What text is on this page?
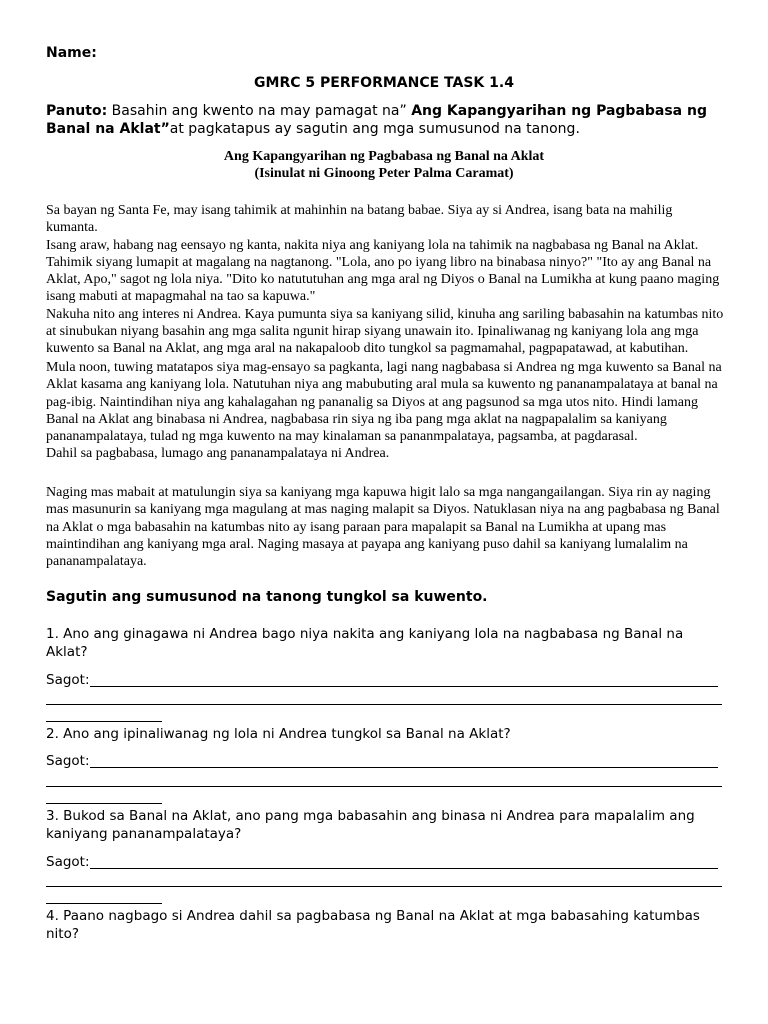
Name:
GMRC 5 PERFORMANCE TASK 1.4
Panuto: Basahin ang kwento na may pamagat na” Ang Kapangyarihan ng Pagbabasa ng Banal na Aklat”at pagkatapus ay sagutin ang mga sumusunod na tanong.
Ang Kapangyarihan ng Pagbabasa ng Banal na Aklat
(Isinulat ni Ginoong Peter Palma Caramat)
Sa bayan ng Santa Fe, may isang tahimik at mahinhin na batang babae. Siya ay si Andrea, isang bata na mahilig kumanta.
Isang araw, habang nag eensayo ng kanta, nakita niya ang kaniyang lola na tahimik na nagbabasa ng Banal na Aklat.
Tahimik siyang lumapit at magalang na nagtanong. "Lola, ano po iyang libro na binabasa ninyo?" "Ito ay ang Banal na
Aklat, Apo," sagot ng lola niya. "Dito ko natututuhan ang mga aral ng Diyos o Banal na Lumikha at kung paano maging
isang mabuti at mapagmahal na tao sa kapuwa."
Nakuha nito ang interes ni Andrea. Kaya pumunta siya sa kaniyang silid, kinuha ang sariling babasahin na katumbas nito
at sinubukan niyang basahin ang mga salita ngunit hirap siyang unawain ito. Ipinaliwanag ng kaniyang lola ang mga
kuwento sa Banal na Aklat, ang mga aral na nakapaloob dito tungkol sa pagmamahal, pagpapatawad, at kabutihan.
Mula noon, tuwing matatapos siya mag-ensayo sa pagkanta, lagi nang nagbabasa si Andrea ng mga kuwento sa Banal na
Aklat kasama ang kaniyang lola. Natutuhan niya ang mabubuting aral mula sa kuwento ng pananampalataya at banal na
pag-ibig. Naintindihan niya ang kahalagahan ng pananalig sa Diyos at ang pagsunod sa mga utos nito. Hindi lamang
Banal na Aklat ang binabasa ni Andrea, nagbabasa rin siya ng iba pang mga aklat na nagpapalalim sa kaniyang
pananampalataya, tulad ng mga kuwento na may kinalaman sa pananmpalataya, pagsamba, at pagdarasal.
Dahil sa pagbabasa, lumago ang pananampalataya ni Andrea.
Naging mas mabait at matulungin siya sa kaniyang mga kapuwa higit lalo sa mga nangangailangan. Siya rin ay naging
mas masunurin sa kaniyang mga magulang at mas naging malapit sa Diyos. Natuklasan niya na ang pagbabasa ng Banal
na Aklat o mga babasahin na katumbas nito ay isang paraan para mapalapit sa Banal na Lumikha at upang mas
maintindihan ang kaniyang mga aral. Naging masaya at payapa ang kaniyang puso dahil sa kaniyang lumalalim na
pananampalataya.
Sagutin ang sumusunod na tanong tungkol sa kuwento.
1. Ano ang ginagawa ni Andrea bago niya nakita ang kaniyang lola na nagbabasa ng Banal na Aklat?
Sagot:
2. Ano ang ipinaliwanag ng lola ni Andrea tungkol sa Banal na Aklat?
Sagot:
3. Bukod sa Banal na Aklat, ano pang mga babasahin ang binasa ni Andrea para mapalalim ang kaniyang pananampalataya?
Sagot:
4. Paano nagbago si Andrea dahil sa pagbabasa ng Banal na Aklat at mga babasahing katumbas nito?
